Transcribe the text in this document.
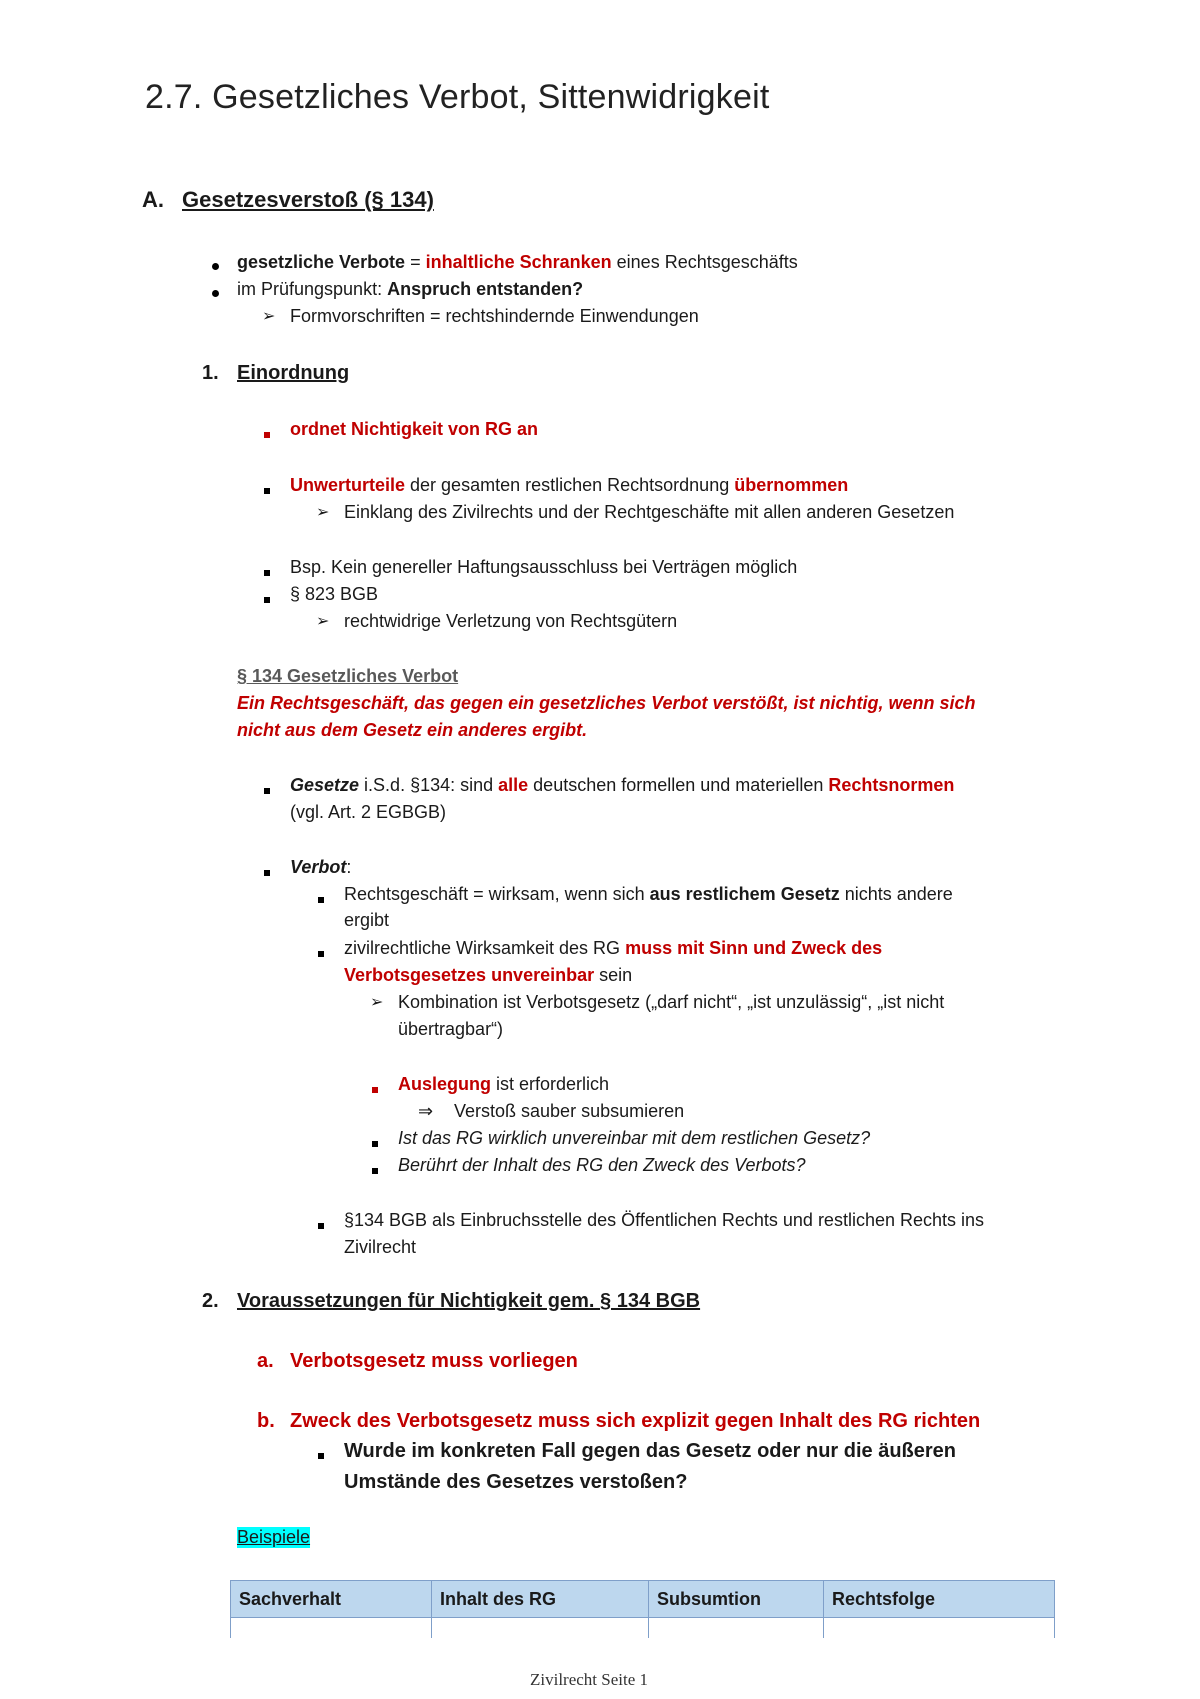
2.7. Gesetzliches Verbot, Sittenwidrigkeit
A. Gesetzesverstoß (§ 134)
gesetzliche Verbote = inhaltliche Schranken eines Rechtsgeschäfts
im Prüfungspunkt: Anspruch entstanden?
➢ Formvorschriften = rechtshindernde Einwendungen
1. Einordnung
ordnet Nichtigkeit von RG an
Unwerturteile der gesamten restlichen Rechtsordnung übernommen
➢ Einklang des Zivilrechts und der Rechtgeschäfte mit allen anderen Gesetzen
Bsp. Kein genereller Haftungsausschluss bei Verträgen möglich
§ 823 BGB
➢ rechtwidrige Verletzung von Rechtsgütern
§ 134 Gesetzliches Verbot
Ein Rechtsgeschäft, das gegen ein gesetzliches Verbot verstößt, ist nichtig, wenn sich
nicht aus dem Gesetz ein anderes ergibt.
Gesetze i.S.d. §134: sind alle deutschen formellen und materiellen Rechtsnormen
(vgl. Art. 2 EGBGB)
Verbot:
Rechtsgeschäft = wirksam, wenn sich aus restlichem Gesetz nichts andere
ergibt
zivilrechtliche Wirksamkeit des RG muss mit Sinn und Zweck des
Verbotsgesetzes unvereinbar sein
➢ Kombination ist Verbotsgesetz („darf nicht“, „ist unzulässig“, „ist nicht
übertragbar“)
Auslegung ist erforderlich
⇒ Verstoß sauber subsumieren
Ist das RG wirklich unvereinbar mit dem restlichen Gesetz?
Berührt der Inhalt des RG den Zweck des Verbots?
§134 BGB als Einbruchsstelle des Öffentlichen Rechts und restlichen Rechts ins
Zivilrecht
2. Voraussetzungen für Nichtigkeit gem. § 134 BGB
a. Verbotsgesetz muss vorliegen
b. Zweck des Verbotsgesetz muss sich explizit gegen Inhalt des RG richten
Wurde im konkreten Fall gegen das Gesetz oder nur die äußeren
Umstände des Gesetzes verstoßen?
Beispiele
Sachverhalt	Inhalt des RG	Subsumtion	Rechtsfolge

Zivilrecht Seite 1
